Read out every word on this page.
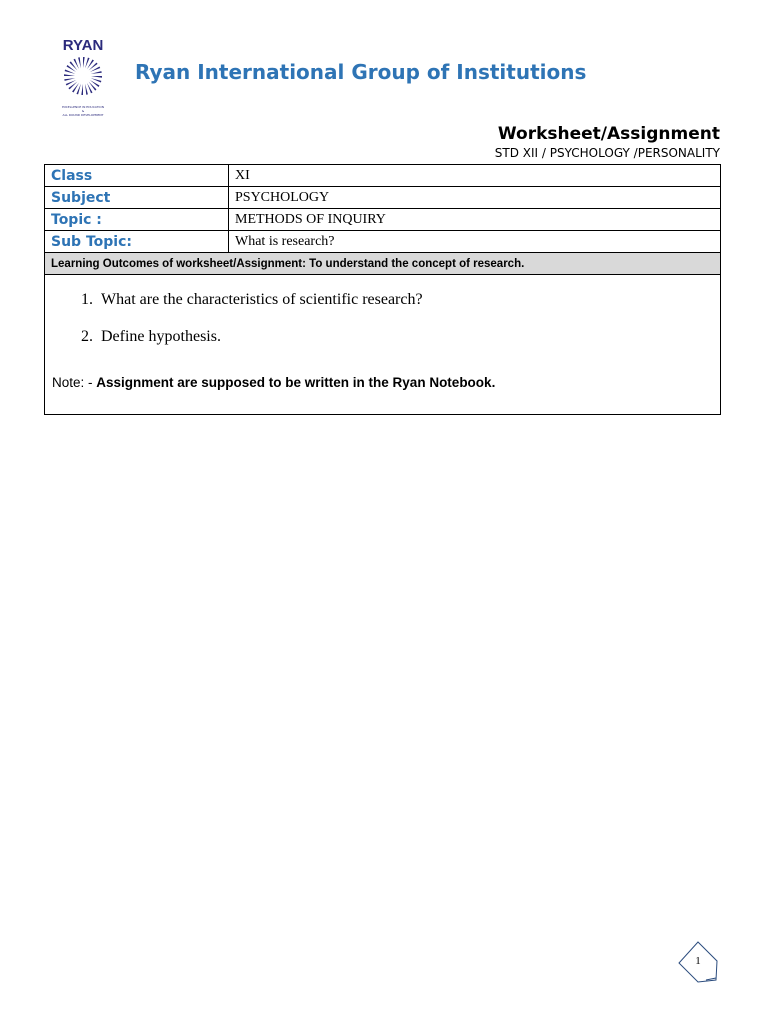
RYAN
EXCELLENCE IN EDUCATION
&
ALL ROUND DEVELOPMENT
Ryan International Group of Institutions
Worksheet/Assignment
STD XII / PSYCHOLOGY /PERSONALITY
Class	XI
Subject	PSYCHOLOGY
Topic :	METHODS OF INQUIRY
Sub Topic:	What is research?
Learning Outcomes of worksheet/Assignment: To understand the concept of research.	
1. What are the characteristics of scientific research?
2. Define hypothesis.
Note: - Assignment are supposed to be written in the Ryan Notebook.
1
